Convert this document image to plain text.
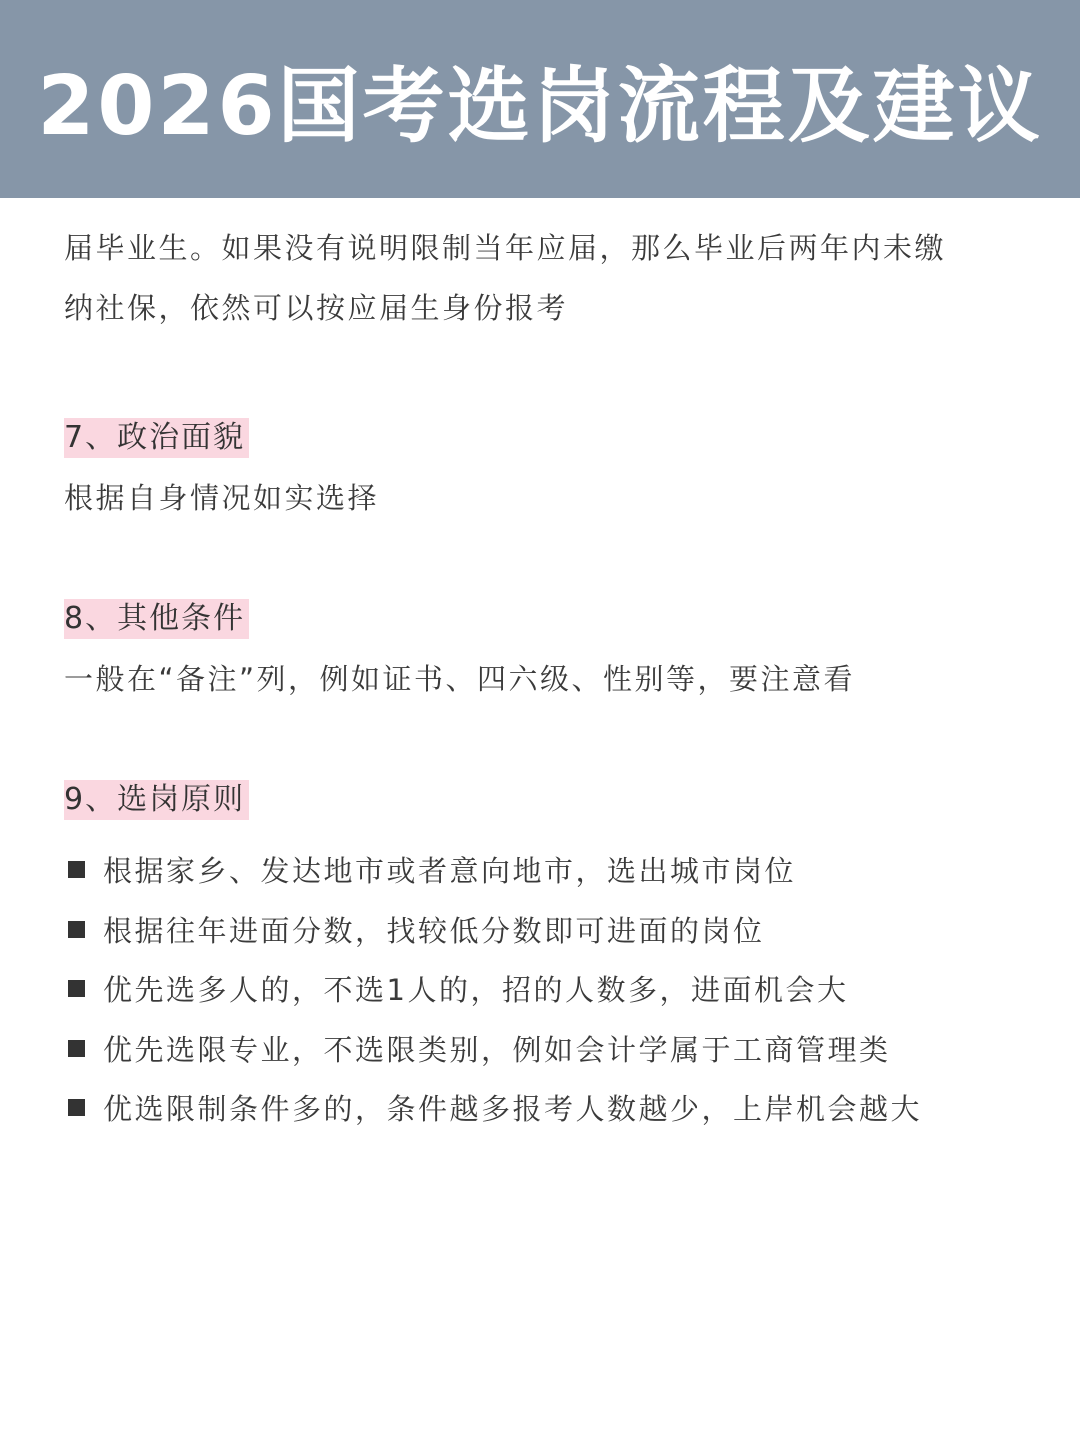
2026国考选岗流程及建议

届毕业生。如果没有说明限制当年应届，那么毕业后两年内未缴

纳社保，依然可以按应届生身份报考

7、政治面貌
根据自身情况如实选择
8、其他条件
一般在“备注”列，例如证书、四六级、性别等，要注意看
9、选岗原则
根据家乡、发达地市或者意向地市，选出城市岗位
根据往年进面分数，找较低分数即可进面的岗位
优先选多人的，不选1人的，招的人数多，进面机会大
优先选限专业，不选限类别，例如会计学属于工商管理类
优选限制条件多的，条件越多报考人数越少，上岸机会越大
